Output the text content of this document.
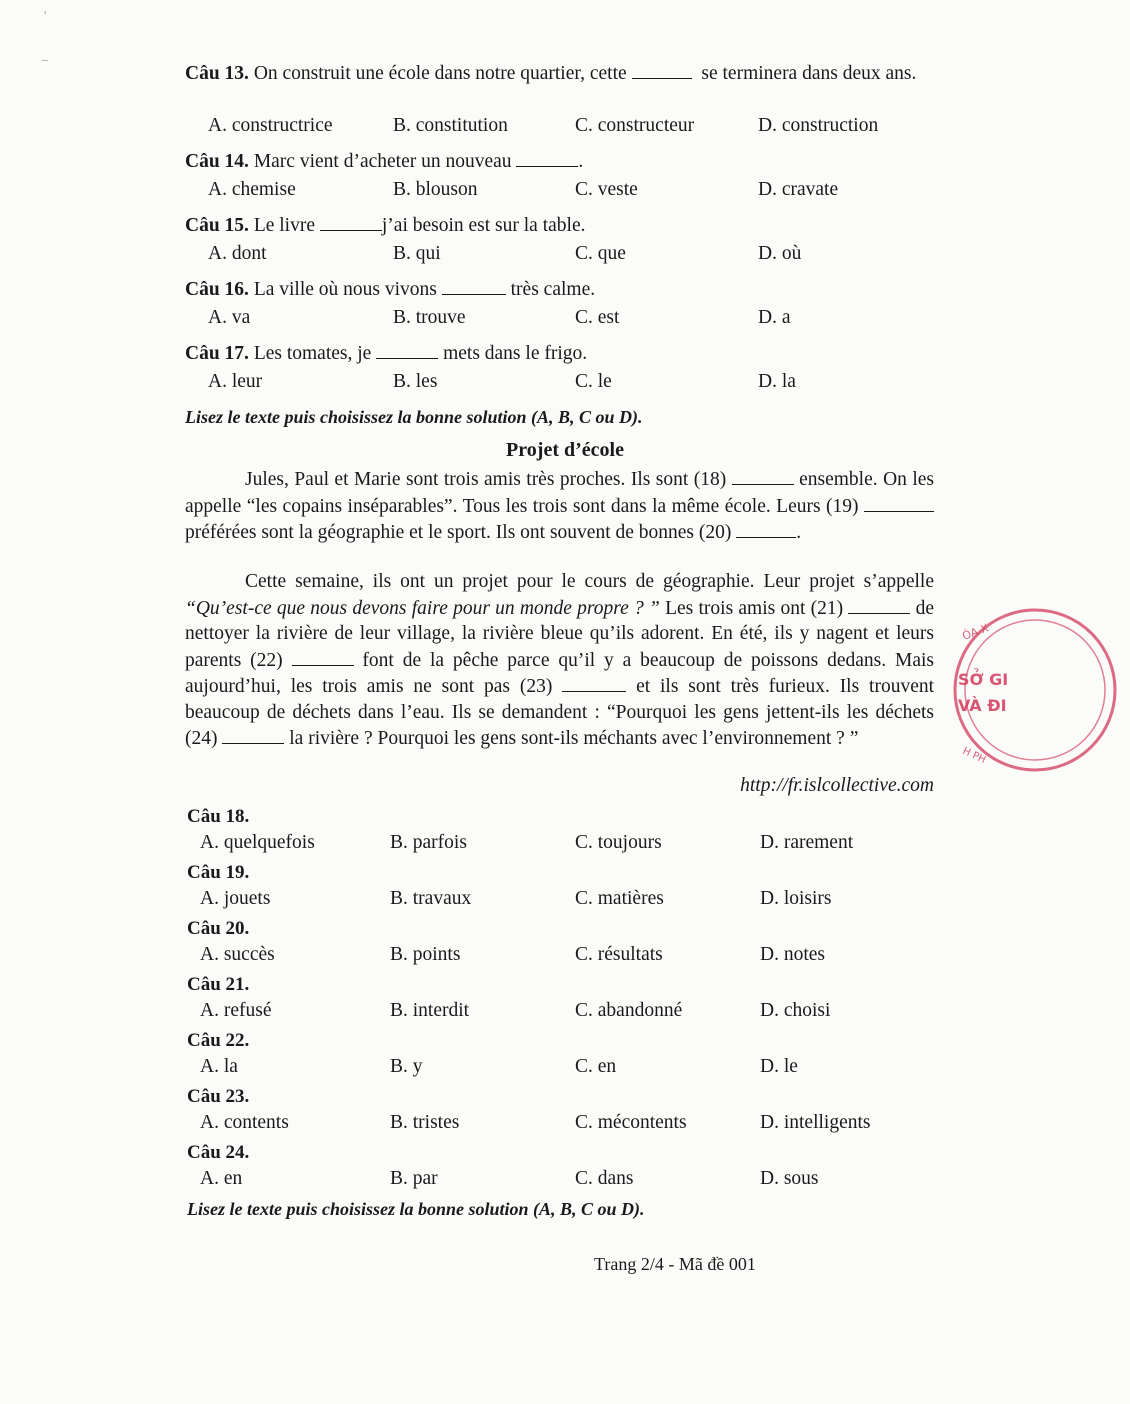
Câu 13. On construit une école dans notre quartier, cette	se terminera dans deux ans.
A. constructrice	B. constitution	C. constructeur	D. construction
Câu 14. Marc vient d’acheter un nouveau	.
A. chemise	B. blouson	C. veste	D. cravate
Câu 15. Le livre	j’ai besoin est sur la table.
A. dont	B. qui	C. que	D. où
Câu 16. La ville où nous vivons	très calme.
A. va	B. trouve	C. est	D. a
Câu 17. Les tomates, je	mets dans le frigo.
A. leur	B. les	C. le	D. la
Lisez le texte puis choisissez la bonne solution (A, B, C ou D).
Projet d’école
Jules, Paul et Marie sont trois amis très proches. Ils sont (18)	ensemble. On les appelle “les copains inséparables”. Tous les trois sont dans la même école. Leurs (19)  préférées sont la géographie et le sport. Ils ont souvent de bonnes (20)	.
Cette semaine, ils ont un projet pour le cours de géographie. Leur projet s’appelle “Qu’est-ce que nous devons faire pour un monde propre ? ” Les trois amis ont (21)	de nettoyer la rivière de leur village, la rivière bleue qu’ils adorent. En été, ils y nagent et leurs parents (22)	font de la pêche parce qu’il y a beaucoup de poissons dedans. Mais aujourd’hui, les trois amis ne sont pas (23)	et ils sont très furieux. Ils trouvent beaucoup de déchets dans l’eau. Ils se demandent : “Pourquoi les gens jettent-ils les déchets (24)	la rivière ? Pourquoi les gens sont-ils méchants avec l’environnement ? ”
http://fr.islcollective.com
Câu 18.
A. quelquefois	B. parfois	C. toujours	D. rarement
Câu 19.
A. jouets	B. travaux	C. matières	D. loisirs
Câu 20.
A. succès	B. points	C. résultats	D. notes
Câu 21.
A. refusé	B. interdit	C. abandonné	D. choisi
Câu 22.
A. la	B. y	C. en	D. le
Câu 23.
A. contents	B. tristes	C. mécontents	D. intelligents
Câu 24.
A. en	B. par	C. dans	D. sous
Lisez le texte puis choisissez la bonne solution (A, B, C ou D).
Trang 2/4 - Mã đề 001
ÓA X
H PH
SỞ GI
VÀ ĐI
′
–
